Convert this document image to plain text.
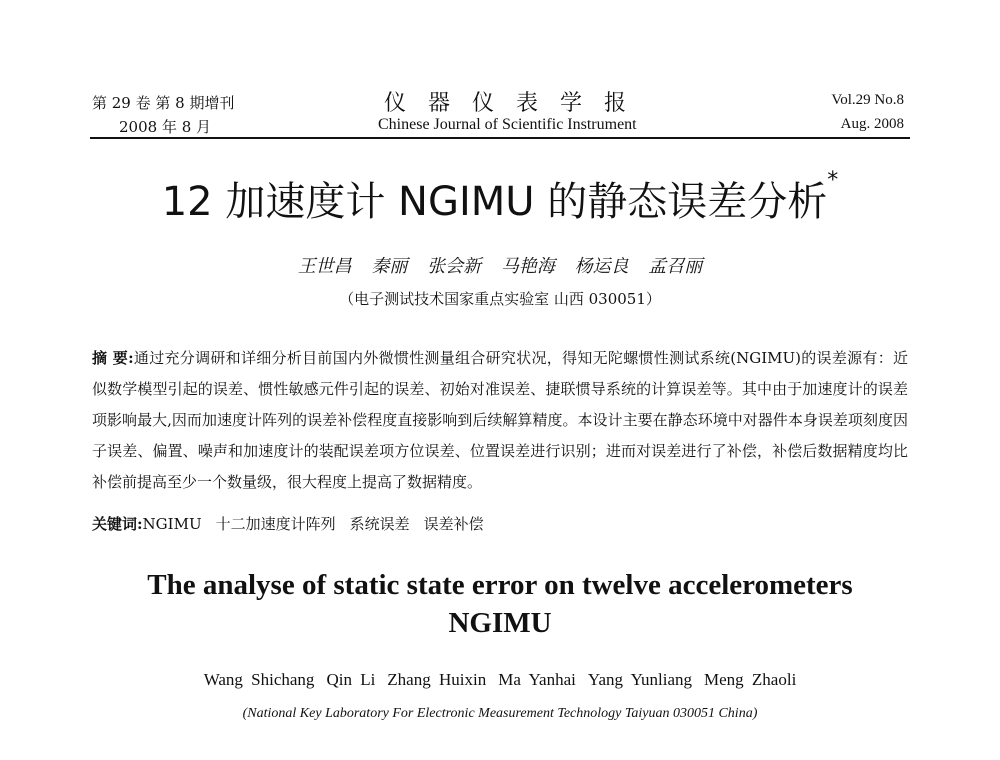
第 29 卷 第 8 期增刊
2008 年 8 月
仪器仪表学报
Chinese Journal of Scientific Instrument
Vol.29 No.8
Aug. 2008
12 加速度计 NGIMU 的静态误差分析*
王世昌 秦丽 张会新 马艳海 杨运良 孟召丽
（电子测试技术国家重点实验室 山西 030051）
摘 要:通过充分调研和详细分析目前国内外微惯性测量组合研究状况，得知无陀螺惯性测试系统(NGIMU)的误差源有：近似数学模型引起的误差、惯性敏感元件引起的误差、初始对准误差、捷联惯导系统的计算误差等。其中由于加速度计的误差项影响最大,因而加速度计阵列的误差补偿程度直接影响到后续解算精度。本设计主要在静态环境中对器件本身误差项刻度因子误差、偏置、噪声和加速度计的装配误差项方位误差、位置误差进行识别；进而对误差进行了补偿，补偿后数据精度均比补偿前提高至少一个数量级，很大程度上提高了数据精度。
关键词:NGIMU 十二加速度计阵列 系统误差 误差补偿
The analyse of static state error on twelve accelerometers NGIMU
Wang Shichang Qin Li Zhang Huixin Ma Yanhai Yang Yunliang Meng Zhaoli
(National Key Laboratory For Electronic Measurement Technology Taiyuan 030051 China)
